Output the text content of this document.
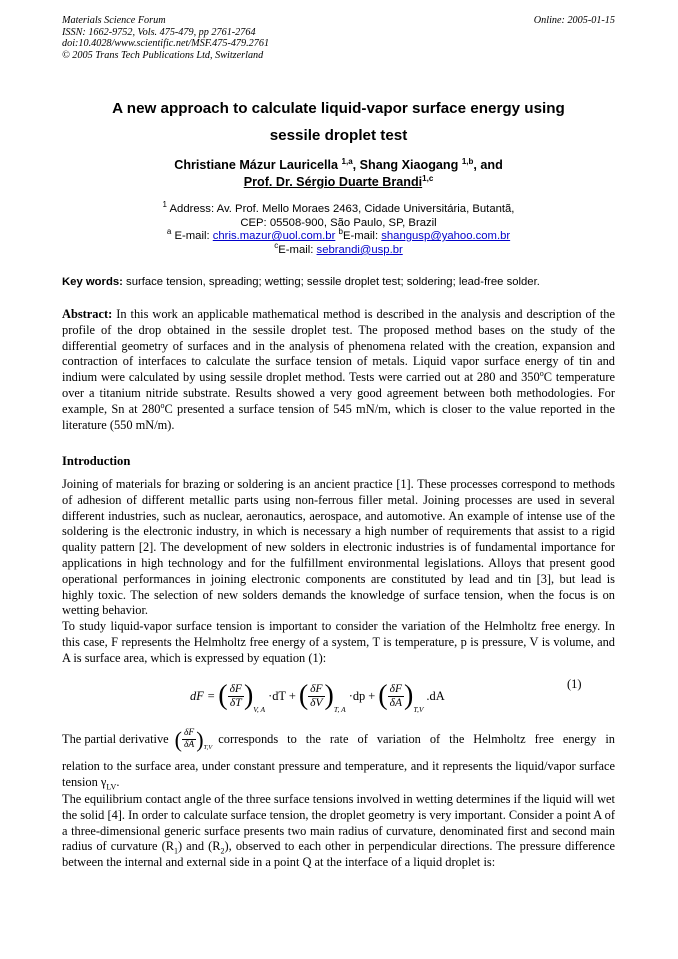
Materials Science Forum
ISSN: 1662-9752, Vols. 475-479, pp 2761-2764
doi:10.4028/www.scientific.net/MSF.475-479.2761
© 2005 Trans Tech Publications Ltd, Switzerland
Online: 2005-01-15
A new approach to calculate liquid-vapor surface energy using
sessile droplet test
Christiane Mázur Lauricella $^{1,a}$, Shang Xiaogang $^{1,b}$, and
Prof. Dr. Sérgio Duarte Brandi$^{1,c}$
$^1$ Address: Av. Prof. Mello Moraes 2463, Cidade Universitária, Butantã,
CEP: 05508-900, São Paulo, SP, Brazil
$^a$ E-mail: chris.mazur@uol.com.br $^b$E-mail: shangusp@yahoo.com.br
$^c$E-mail: sebrandi@usp.br
Key words: surface tension, spreading; wetting; sessile droplet test; soldering; lead-free solder.

Abstract: In this work an applicable mathematical method is described in the analysis and description of the profile of the drop obtained in the sessile droplet test. The proposed method bases on the study of the differential geometry of surfaces and in the analysis of phenomena related with the creation, expansion and contraction of interfaces to calculate the surface tension of metals. Liquid vapor surface energy of tin and indium were calculated by using sessile droplet method. Tests were carried out at 280 and 350$^o$C temperature over a titanium nitride substrate. Results showed a very good agreement between both methodologies. For example, Sn at 280$^o$C presented a surface tension of 545 mN/m, which is closer to the value reported in the literature (550 mN/m).

Introduction

Joining of materials for brazing or soldering is an ancient practice [1]. These processes correspond to methods of adhesion of different metallic parts using non-ferrous filler metal. Joining processes are used in several different industries, such as nuclear, aeronautics, aerospace, and automotive. An example of intense use of the soldering is the electronic industry, in which is necessary a high number of requirements that assist to a rigid quality pattern [2]. The development of new solders in electronic industries is of fundamental importance for applications in high technology and for the fulfillment environmental legislations. Alloys that present good operational performances in joining electronic components are constituted by lead and tin [3], but lead is highly toxic. The selection of new solders demands the knowledge of surface tension, when the focus is on wetting behavior.

To study liquid-vapor surface tension is important to consider the variation of the Helmholtz free energy. In this case, F represents the Helmholtz free energy of a system, T is temperature, p is pressure, V is volume, and A is surface area, which is expressed by equation (1):

dF = ( $\frac{\delta F}{\delta T}$ ) V, A
·dT + ( $\frac{\delta F}{\delta V}$ ) T, A
·dp + ( $\frac{\delta F}{\delta A}$ ) T,V
.dA
(1)
The partial derivative ( $\frac{\delta F}{\delta A}$ ) T,V
corresponds to the rate of variation of the Helmholtz free energy in

relation to the surface area, under constant pressure and temperature, and it represents the liquid/vapor surface tension $\gamma_{LV}$.

The equilibrium contact angle of the three surface tensions involved in wetting determines if the liquid will wet the solid [4]. In order to calculate surface tension, the droplet geometry is very important. Consider a point A of a three-dimensional generic surface presents two main radius of curvature, denominated first and second main radius of curvature $(R_1)$ and $(R_2)$, observed to each other in perpendicular directions. The pressure difference between the internal and external side in a point Q at the interface of a liquid droplet is:
